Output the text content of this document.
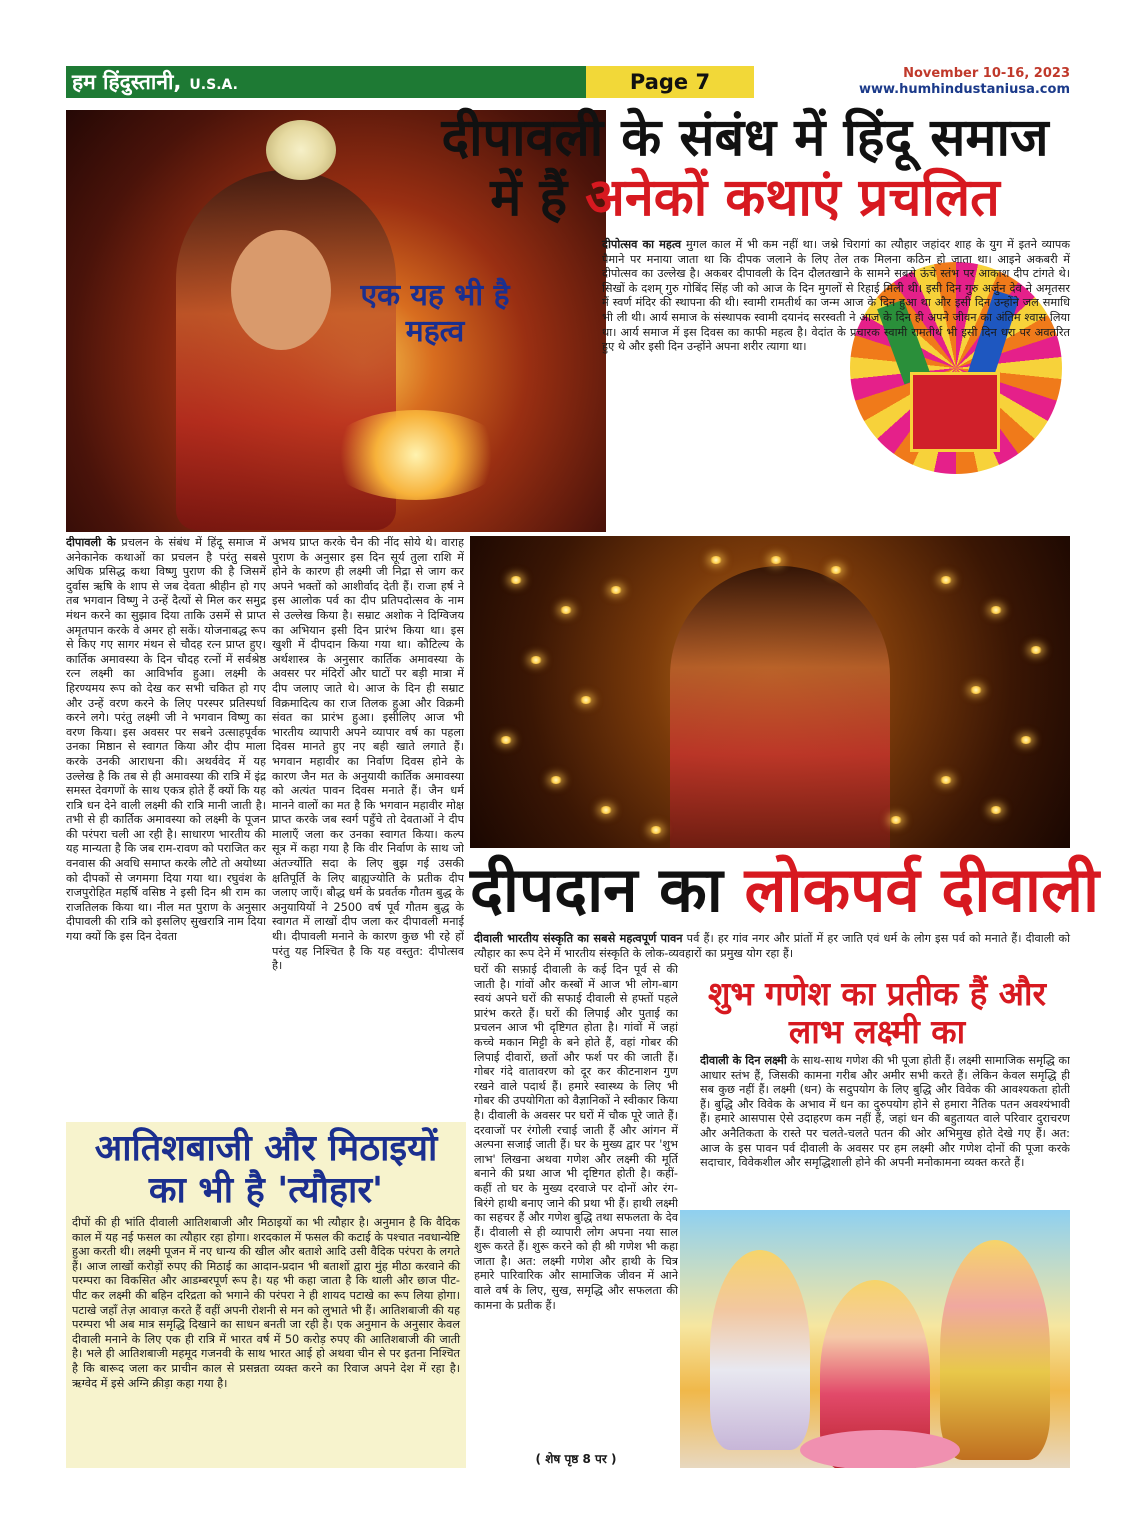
हम हिंदुस्तानी, U.S.A.	Page 7	November 10-16, 2023
www.humhindustaniusa.com
दीपावली के संबंध में हिंदू समाज
में हैं अनेकों कथाएं प्रचलित
एक यह भी है महत्व
दीपोत्सव का महत्व मुगल काल में भी कम नहीं था। जश्ने चिरागां का त्यौहार जहांदर शाह के युग में इतने व्यापक पैमाने पर मनाया जाता था कि दीपक जलाने के लिए तेल तक मिलना कठिन हो जाता था। आइने अकबरी में दीपोत्सव का उल्लेख है। अकबर दीपावली के दिन दौलतखाने के सामने सबसे ऊंचे स्तंभ पर आकाश दीप टांगते थे। सिखों के दशम् गुरु गोबिंद सिंह जी को आज के दिन मुगलों से रिहाई मिली थी। इसी दिन गुरु अर्जुन देव ने अमृतसर में स्वर्ण मंदिर की स्थापना की थी। स्वामी रामतीर्थ का जन्म आज के दिन हुआ था और इसी दिन उन्होंने जल समाधि भी ली थी। आर्य समाज के संस्थापक स्वामी दयानंद सरस्वती ने आज के दिन ही अपने जीवन का अंतिम श्वास लिया था। आर्य समाज में इस दिवस का काफी महत्व है। वेदांत के प्रचारक स्वामी रामतीर्थ भी इसी दिन धरा पर अवतरित हुए थे और इसी दिन उन्होंने अपना शरीर त्यागा था।
दीपावली के प्रचलन के संबंध में हिंदू समाज में अनेकानेक कथाओं का प्रचलन है परंतु सबसे अधिक प्रसिद्ध कथा विष्णु पुराण की है जिसमें दुर्वास ऋषि के शाप से जब देवता श्रीहीन हो गए तब भगवान विष्णु ने उन्हें दैत्यों से मिल कर समुद्र मंथन करने का सुझाव दिया ताकि उसमें से प्राप्त अमृतपान करके वे अमर हो सकें। योजनाबद्ध रूप से किए गए सागर मंथन से चौदह रत्न प्राप्त हुए। कार्तिक अमावस्या के दिन चौदह रत्नों में सर्वश्रेष्ठ रत्न लक्ष्मी का आविर्भाव हुआ। लक्ष्मी के हिरण्यमय रूप को देख कर सभी चकित हो गए और उन्हें वरण करने के लिए परस्पर प्रतिस्पर्धा करने लगे। परंतु लक्ष्मी जी ने भगवान विष्णु का वरण किया। इस अवसर पर सबने उत्साहपूर्वक उनका मिष्ठान से स्वागत किया और दीप माला करके उनकी आराधना की। अथर्ववेद में यह उल्लेख है कि तब से ही अमावस्या की रात्रि में इंद्र समस्त देवगणों के साथ एकत्र होते हैं क्यों कि यह रात्रि धन देने वाली लक्ष्मी की रात्रि मानी जाती है। तभी से ही कार्तिक अमावस्या को लक्ष्मी के पूजन की परंपरा चली आ रही है। साधारण भारतीय की यह मान्यता है कि जब राम-रावण को पराजित कर वनवास की अवधि समाप्त करके लौटे तो अयोध्या को दीपकों से जगमगा दिया गया था। रघुवंश के राजपुरोहित महर्षि वसिष्ठ ने इसी दिन श्री राम का राजतिलक किया था। नील मत पुराण के अनुसार दीपावली की रात्रि को इसलिए सुखरात्रि नाम दिया गया क्यों कि इस दिन देवता
अभय प्राप्त करके चैन की नींद सोये थे। वाराह पुराण के अनुसार इस दिन सूर्य तुला राशि में होने के कारण ही लक्ष्मी जी निद्रा से जाग कर अपने भक्तों को आशीर्वाद देती हैं। राजा हर्ष ने इस आलोक पर्व का दीप प्रतिपदोत्सव के नाम से उल्लेख किया है। सम्राट अशोक ने दिग्विजय का अभियान इसी दिन प्रारंभ किया था। इस खुशी में दीपदान किया गया था। कौटिल्य के अर्थशास्त्र के अनुसार कार्तिक अमावस्या के अवसर पर मंदिरों और घाटों पर बड़ी मात्रा में दीप जलाए जाते थे। आज के दिन ही सम्राट विक्रमादित्य का राज तिलक हुआ और विक्रमी संवत का प्रारंभ हुआ। इसीलिए आज भी भारतीय व्यापारी अपने व्यापार वर्ष का पहला दिवस मानते हुए नए बही खाते लगाते हैं। भगवान महावीर का निर्वाण दिवस होने के कारण जैन मत के अनुयायी कार्तिक अमावस्या को अत्यंत पावन दिवस मनाते हैं। जैन धर्म मानने वालों का मत है कि भगवान महावीर मोक्ष प्राप्त करके जब स्वर्ग पहुँचे तो देवताओं ने दीप मालाएँ जला कर उनका स्वागत किया। कल्प सूत्र में कहा गया है कि वीर निर्वाण के साथ जो अंतर्ज्योति सदा के लिए बुझ गई उसकी क्षतिपूर्ति के लिए बाह्यज्योति के प्रतीक दीप जलाए जाएँ। बौद्ध धर्म के प्रवर्तक गौतम बुद्ध के अनुयायियों ने 2500 वर्ष पूर्व गौतम बुद्ध के स्वागत में लाखों दीप जला कर दीपावली मनाई थी। दीपावली मनाने के कारण कुछ भी रहे हों परंतु यह निश्चित है कि यह वस्तुत: दीपोत्सव है।
दीपदान का लोकपर्व दीवाली
दीवाली भारतीय संस्कृति का सबसे महत्वपूर्ण पावन पर्व हैं। हर गांव नगर और प्रांतों में हर जाति एवं धर्म के लोग इस पर्व को मनाते हैं। दीवाली को त्यौहार का रूप देने में भारतीय संस्कृति के लोक-व्यवहारों का प्रमुख योग रहा हैं।
घरों की सफ़ाई दीवाली के कई दिन पूर्व से की जाती है। गांवों और कस्बों में आज भी लोग-बाग स्वयं अपने घरों की सफाई दीवाली से हफ्तों पहले प्रारंभ करते हैं। घरों की लिपाई और पुताई का प्रचलन आज भी दृष्टिगत होता है। गांवों में जहां कच्चे मकान मिट्टी के बने होते हैं, वहां गोबर की लिपाई दीवारों, छतों और फर्श पर की जाती हैं। गोबर गंदे वातावरण को दूर कर कीटनाशन गुण रखने वाले पदार्थ हैं। हमारे स्वास्थ्य के लिए भी गोबर की उपयोगिता को वैज्ञानिकों ने स्वीकार किया है। दीवाली के अवसर पर घरों में चौक पूरे जाते हैं। दरवाजों पर रंगोली रचाई जाती हैं और आंगन में अल्पना सजाई जाती हैं। घर के मुख्य द्वार पर 'शुभ लाभ' लिखना अथवा गणेश और लक्ष्मी की मूर्ति बनाने की प्रथा आज भी दृष्टिगत होती है। कहीं-कहीं तो घर के मुख्य दरवाजे पर दोनों ओर रंग-बिरंगे हाथी बनाए जाने की प्रथा भी हैं। हाथी लक्ष्मी का सहचर हैं और गणेश बुद्धि तथा सफलता के देव हैं। दीवाली से ही व्यापारी लोग अपना नया साल शुरू करते हैं। शुरू करने को ही श्री गणेश भी कहा जाता है। अत: लक्ष्मी गणेश और हाथी के चित्र हमारे पारिवारिक और सामाजिक जीवन में आने वाले वर्ष के लिए, सुख, समृद्धि और सफलता की कामना के प्रतीक हैं।
( शेष पृष्ठ 8 पर )
शुभ गणेश का प्रतीक हैं और लाभ लक्ष्मी का
दीवाली के दिन लक्ष्मी के साथ-साथ गणेश की भी पूजा होती हैं। लक्ष्मी सामाजिक समृद्धि का आधार स्तंभ हैं, जिसकी कामना गरीब और अमीर सभी करते हैं। लेकिन केवल समृद्धि ही सब कुछ नहीं हैं। लक्ष्मी (धन) के सदुपयोग के लिए बुद्धि और विवेक की आवश्यकता होती हैं। बुद्धि और विवेक के अभाव में धन का दुरुपयोग होने से हमारा नैतिक पतन अवश्यंभावी हैं। हमारे आसपास ऐसे उदाहरण कम नहीं हैं, जहां धन की बहुतायत वाले परिवार दुराचरण और अनैतिकता के रास्ते पर चलते-चलते पतन की ओर अभिमुख होते देखे गए हैं। अत: आज के इस पावन पर्व दीवाली के अवसर पर हम लक्ष्मी और गणेश दोनों की पूजा करके सदाचार, विवेकशील और समृद्धिशाली होने की अपनी मनोकामना व्यक्त करते हैं।
आतिशबाजी और मिठाइयों
का भी है 'त्यौहार'
दीपों की ही भांति दीवाली आतिशबाजी और मिठाइयों का भी त्यौहार है। अनुमान है कि वैदिक काल में यह नई फसल का त्यौहार रहा होगा। शरदकाल में फसल की कटाई के पश्चात नवधान्येष्टि हुआ करती थी। लक्ष्मी पूजन में नए धान्य की खील और बताशे आदि उसी वैदिक परंपरा के लगते हैं। आज लाखों करोड़ों रुपए की मिठाई का आदान-प्रदान भी बताशों द्वारा मुंह मीठा करवाने की परम्परा का विकसित और आडम्बरपूर्ण रूप है। यह भी कहा जाता है कि थाली और छाज पीट-पीट कर लक्ष्मी की बहिन दरिद्रता को भगाने की परंपरा ने ही शायद पटाखे का रूप लिया होगा। पटाखे जहाँ तेज़ आवाज़ करते हैं वहीं अपनी रोशनी से मन को लुभाते भी हैं। आतिशबाजी की यह परम्परा भी अब मात्र समृद्धि दिखाने का साधन बनती जा रही है। एक अनुमान के अनुसार केवल दीवाली मनाने के लिए एक ही रात्रि में भारत वर्ष में 50 करोड़ रुपए की आतिशबाजी की जाती है। भले ही आतिशबाजी महमूद गजनवी के साथ भारत आई हो अथवा चीन से पर इतना निश्चित है कि बारूद जला कर प्राचीन काल से प्रसन्नता व्यक्त करने का रिवाज अपने देश में रहा है। ऋग्वेद में इसे अग्नि क्रीड़ा कहा गया है।
